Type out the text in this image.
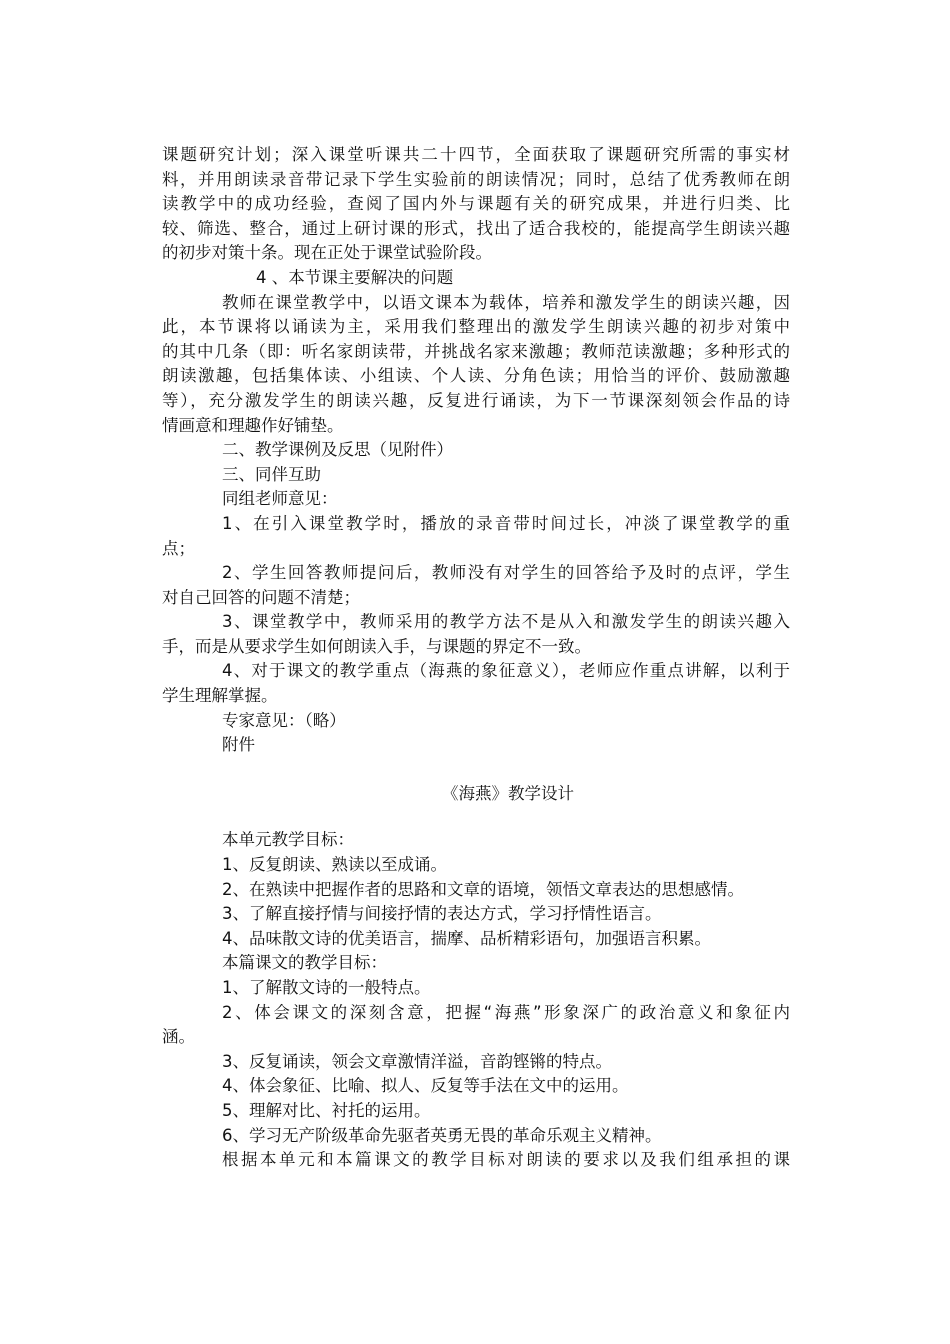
课题研究计划；深入课堂听课共二十四节，全面获取了课题研究所需的事实材
料，并用朗读录音带记录下学生实验前的朗读情况；同时，总结了优秀教师在朗
读教学中的成功经验，查阅了国内外与课题有关的研究成果，并进行归类、比
较、筛选、整合，通过上研讨课的形式，找出了适合我校的，能提高学生朗读兴趣
的初步对策十条。现在正处于课堂试验阶段。
4 、本节课主要解决的问题
教师在课堂教学中，以语文课本为载体，培养和激发学生的朗读兴趣，因
此，本节课将以诵读为主，采用我们整理出的激发学生朗读兴趣的初步对策中
的其中几条（即：听名家朗读带，并挑战名家来激趣；教师范读激趣；多种形式的
朗读激趣，包括集体读、小组读、个人读、分角色读；用恰当的评价、鼓励激趣
等），充分激发学生的朗读兴趣，反复进行诵读，为下一节课深刻领会作品的诗
情画意和理趣作好铺垫。
二、教学课例及反思（见附件）
三、同伴互助
同组老师意见：
1、在引入课堂教学时，播放的录音带时间过长，冲淡了课堂教学的重
点；
2、学生回答教师提问后，教师没有对学生的回答给予及时的点评，学生
对自己回答的问题不清楚；
3、课堂教学中，教师采用的教学方法不是从入和激发学生的朗读兴趣入
手，而是从要求学生如何朗读入手，与课题的界定不一致。
4、对于课文的教学重点（海燕的象征意义），老师应作重点讲解，以利于
学生理解掌握。
专家意见：（略）
附件
《海燕》教学设计
本单元教学目标：
1、反复朗读、熟读以至成诵。
2、在熟读中把握作者的思路和文章的语境，领悟文章表达的思想感情。
3、了解直接抒情与间接抒情的表达方式，学习抒情性语言。
4、品味散文诗的优美语言，揣摩、品析精彩语句，加强语言积累。
本篇课文的教学目标：
1、了解散文诗的一般特点。
2、体会课文的深刻含意，把握“海燕”形象深广的政治意义和象征内
涵。
3、反复诵读，领会文章激情洋溢，音韵铿锵的特点。
4、体会象征、比喻、拟人、反复等手法在文中的运用。
5、理解对比、衬托的运用。
6、学习无产阶级革命先驱者英勇无畏的革命乐观主义精神。
根据本单元和本篇课文的教学目标对朗读的要求以及我们组承担的课
